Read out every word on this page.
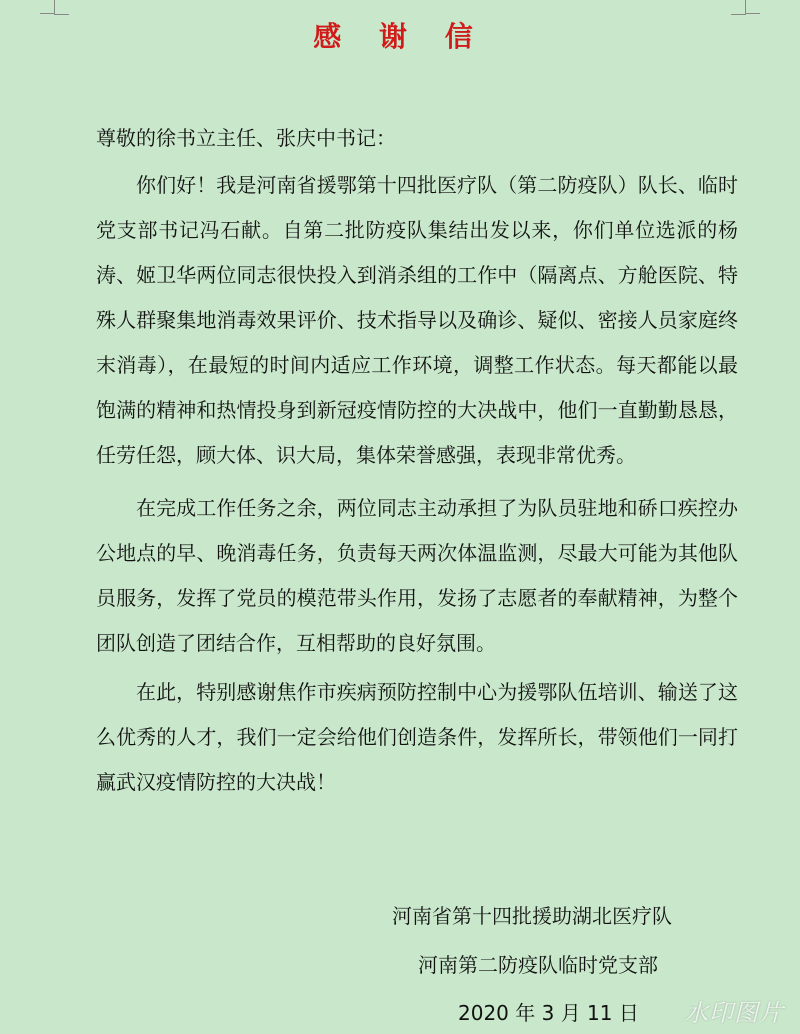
感 谢 信
尊敬的徐书立主任、张庆中书记：

你们好！我是河南省援鄂第十四批医疗队（第二防疫队）队长、临时党支部书记冯石献。自第二批防疫队集结出发以来，你们单位选派的杨涛、姬卫华两位同志很快投入到消杀组的工作中（隔离点、方舱医院、特殊人群聚集地消毒效果评价、技术指导以及确诊、疑似、密接人员家庭终末消毒），在最短的时间内适应工作环境，调整工作状态。每天都能以最饱满的精神和热情投身到新冠疫情防控的大决战中，他们一直勤勤恳恳，任劳任怨，顾大体、识大局，集体荣誉感强，表现非常优秀。

在完成工作任务之余，两位同志主动承担了为队员驻地和硚口疾控办公地点的早、晚消毒任务，负责每天两次体温监测，尽最大可能为其他队员服务，发挥了党员的模范带头作用，发扬了志愿者的奉献精神，为整个团队创造了团结合作，互相帮助的良好氛围。

在此，特别感谢焦作市疾病预防控制中心为援鄂队伍培训、输送了这么优秀的人才，我们一定会给他们创造条件，发挥所长，带领他们一同打赢武汉疫情防控的大决战！

河南省第十四批援助湖北医疗队
河南第二防疫队临时党支部
2020 年 3 月 11 日 水印图片
